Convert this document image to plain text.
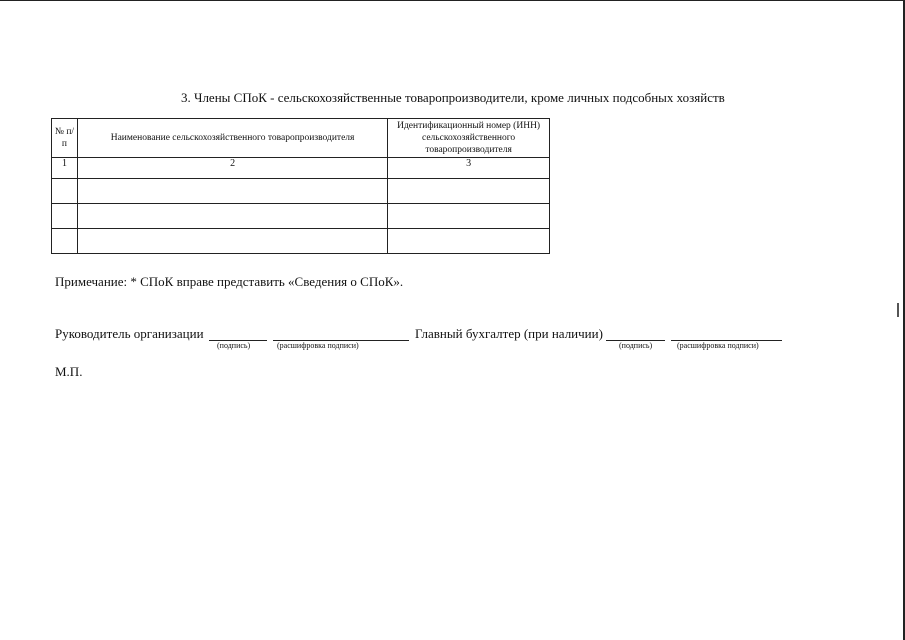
3. Члены СПоК - сельскохозяйственные товаропроизводители, кроме личных подсобных хозяйств
№ п/п	Наименование сельскохозяйственного товаропроизводителя	Идентификационный номер (ИНН) сельскохозяйственного товаропроизводителя
1	2	3

Примечание: * СПоК вправе представить «Сведения о СПоК».
Руководитель организации
(подпись)	(расшифровка подписи)
Главный бухгалтер (при наличии)
(подпись)	(расшифровка подписи)
М.П.
